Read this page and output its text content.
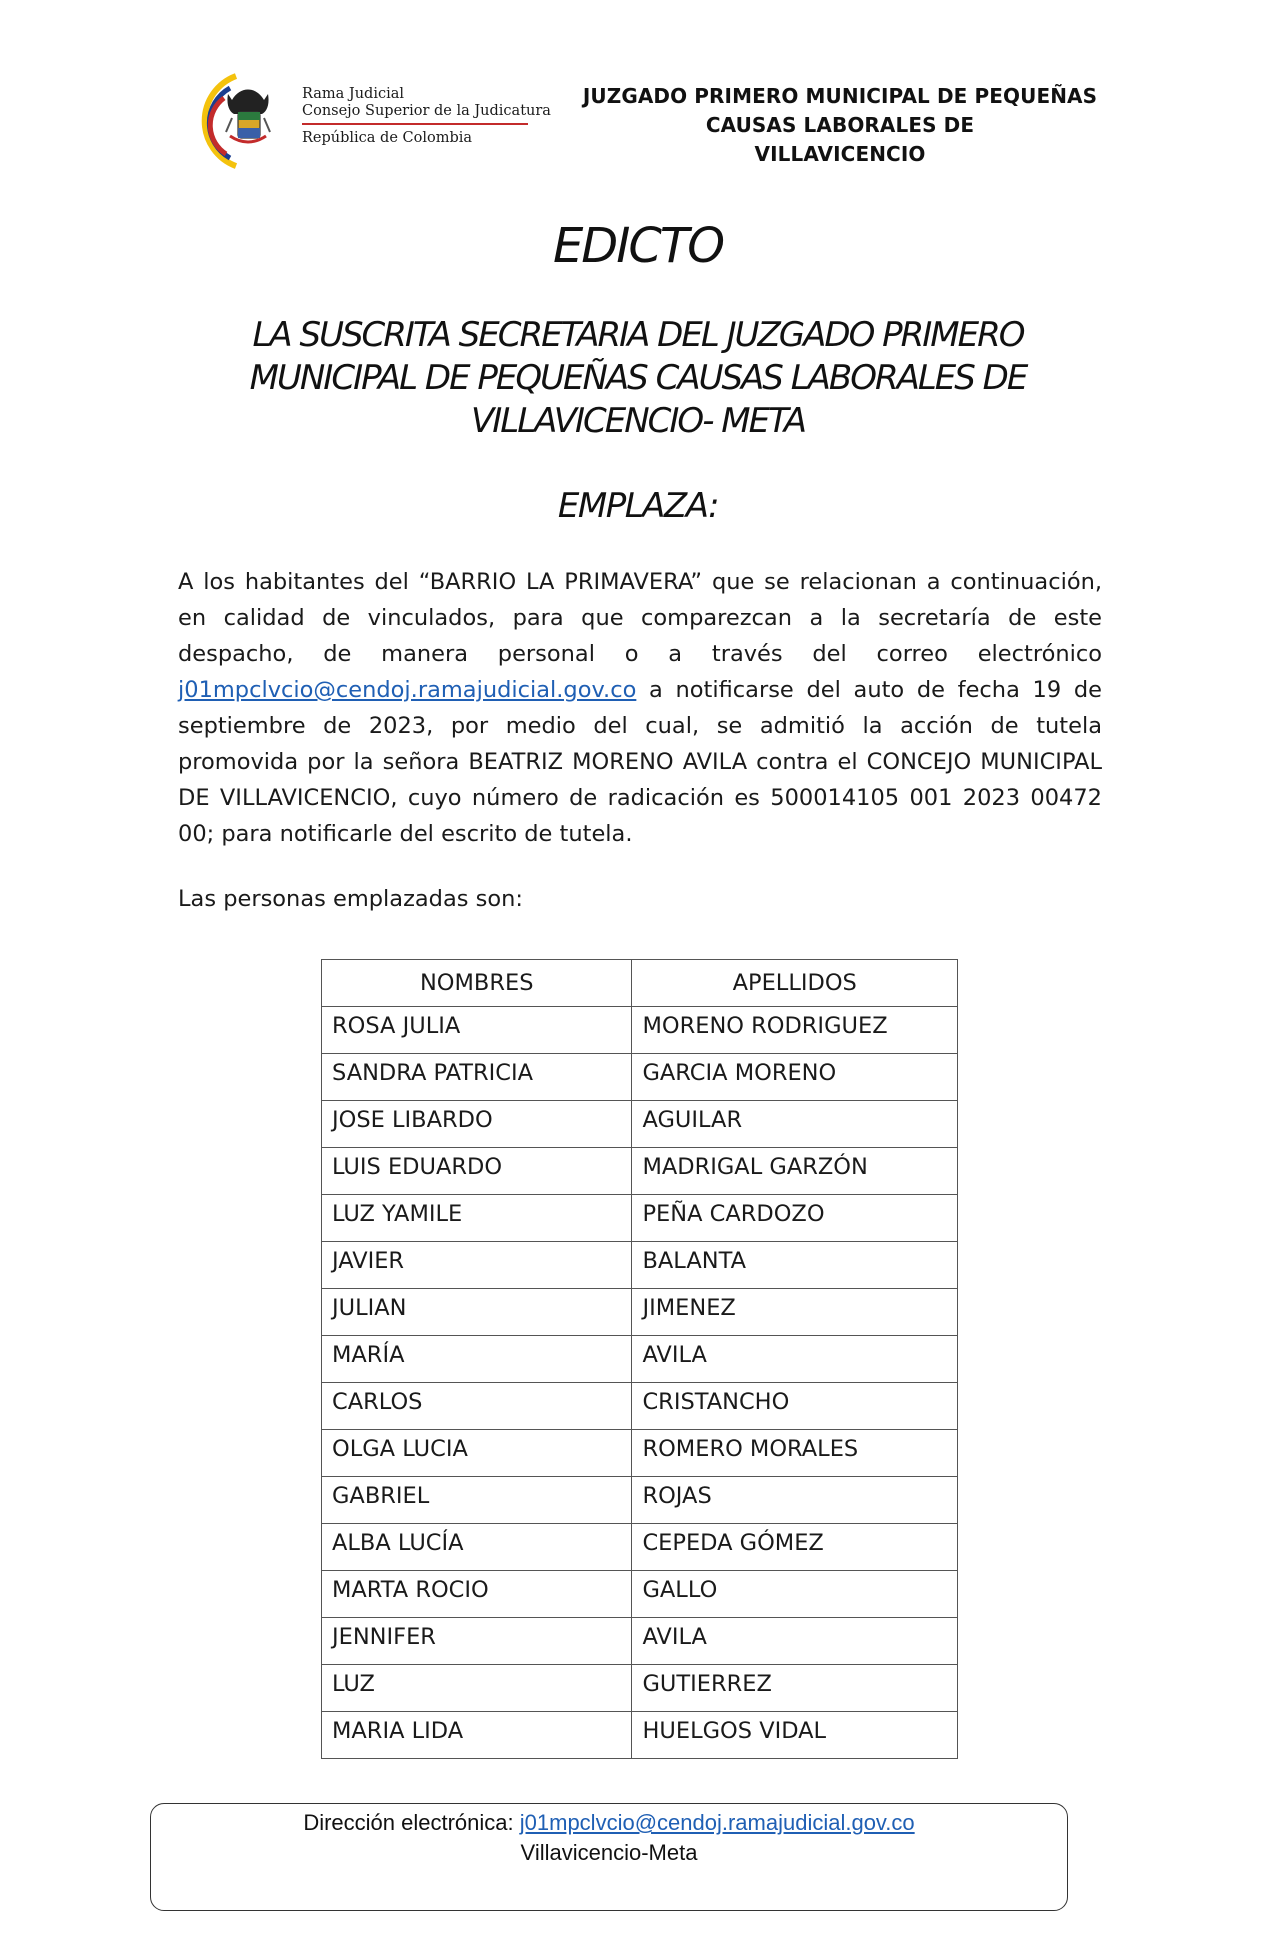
Rama Judicial
Consejo Superior de la Judicatura
República de Colombia
JUZGADO PRIMERO MUNICIPAL DE PEQUEÑAS
CAUSAS LABORALES DE
VILLAVICENCIO
EDICTO
LA SUSCRITA SECRETARIA DEL JUZGADO PRIMERO
MUNICIPAL DE PEQUEÑAS CAUSAS LABORALES DE
VILLAVICENCIO- META
EMPLAZA:
A los habitantes del “BARRIO LA PRIMAVERA” que se relacionan a continuación, en calidad de vinculados, para que comparezcan a la secretaría de este despacho, de manera personal o a través del correo electrónico j01mpclvcio@cendoj.ramajudicial.gov.co a notificarse del auto de fecha 19 de septiembre de 2023, por medio del cual, se admitió la acción de tutela promovida por la señora BEATRIZ MORENO AVILA contra el CONCEJO MUNICIPAL DE VILLAVICENCIO, cuyo número de radicación es 500014105 001 2023 00472 00; para notificarle del escrito de tutela.
Las personas emplazadas son:
NOMBRES	APELLIDOS
ROSA JULIA	MORENO RODRIGUEZ
SANDRA PATRICIA	GARCIA MORENO
JOSE LIBARDO	AGUILAR
LUIS EDUARDO	MADRIGAL GARZÓN
LUZ YAMILE	PEÑA CARDOZO
JAVIER	BALANTA
JULIAN	JIMENEZ
MARÍA	AVILA
CARLOS	CRISTANCHO
OLGA LUCIA	ROMERO MORALES
GABRIEL	ROJAS
ALBA LUCÍA	CEPEDA GÓMEZ
MARTA ROCIO	GALLO
JENNIFER	AVILA
LUZ	GUTIERREZ
MARIA LIDA	HUELGOS VIDAL
Dirección electrónica: j01mpclvcio@cendoj.ramajudicial.gov.co
Villavicencio-Meta
